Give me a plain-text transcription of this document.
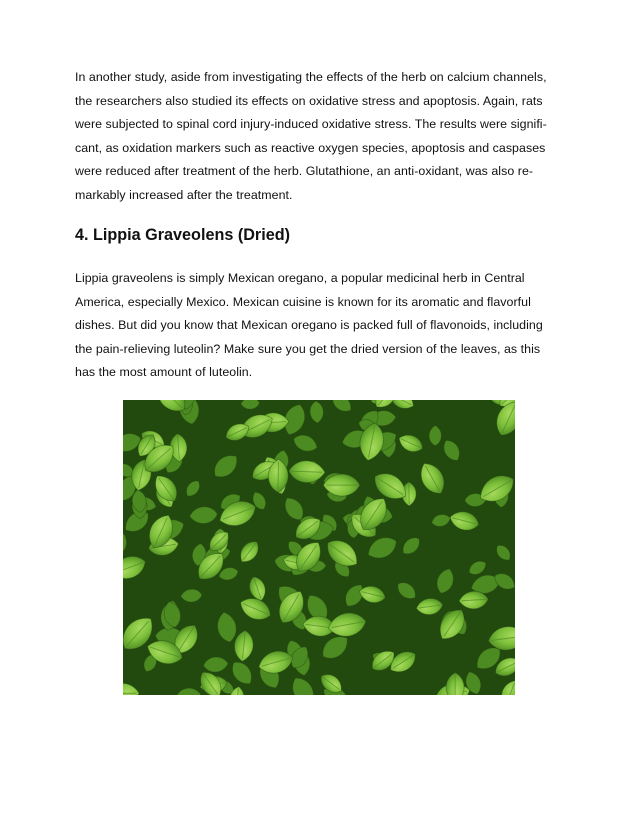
In another study, aside from investigating the effects of the herb on calcium channels,
the researchers also studied its effects on oxidative stress and apoptosis. Again, rats
were subjected to spinal cord injury-induced oxidative stress. The results were signifi-
cant, as oxidation markers such as reactive oxygen species, apoptosis and caspases
were reduced after treatment of the herb. Glutathione, an anti-oxidant, was also re-
markably increased after the treatment.
4. Lippia Graveolens (Dried)
Lippia graveolens is simply Mexican oregano, a popular medicinal herb in Central
America, especially Mexico. Mexican cuisine is known for its aromatic and flavorful
dishes. But did you know that Mexican oregano is packed full of flavonoids, including
the pain-relieving luteolin? Make sure you get the dried version of the leaves, as this
has the most amount of luteolin.
